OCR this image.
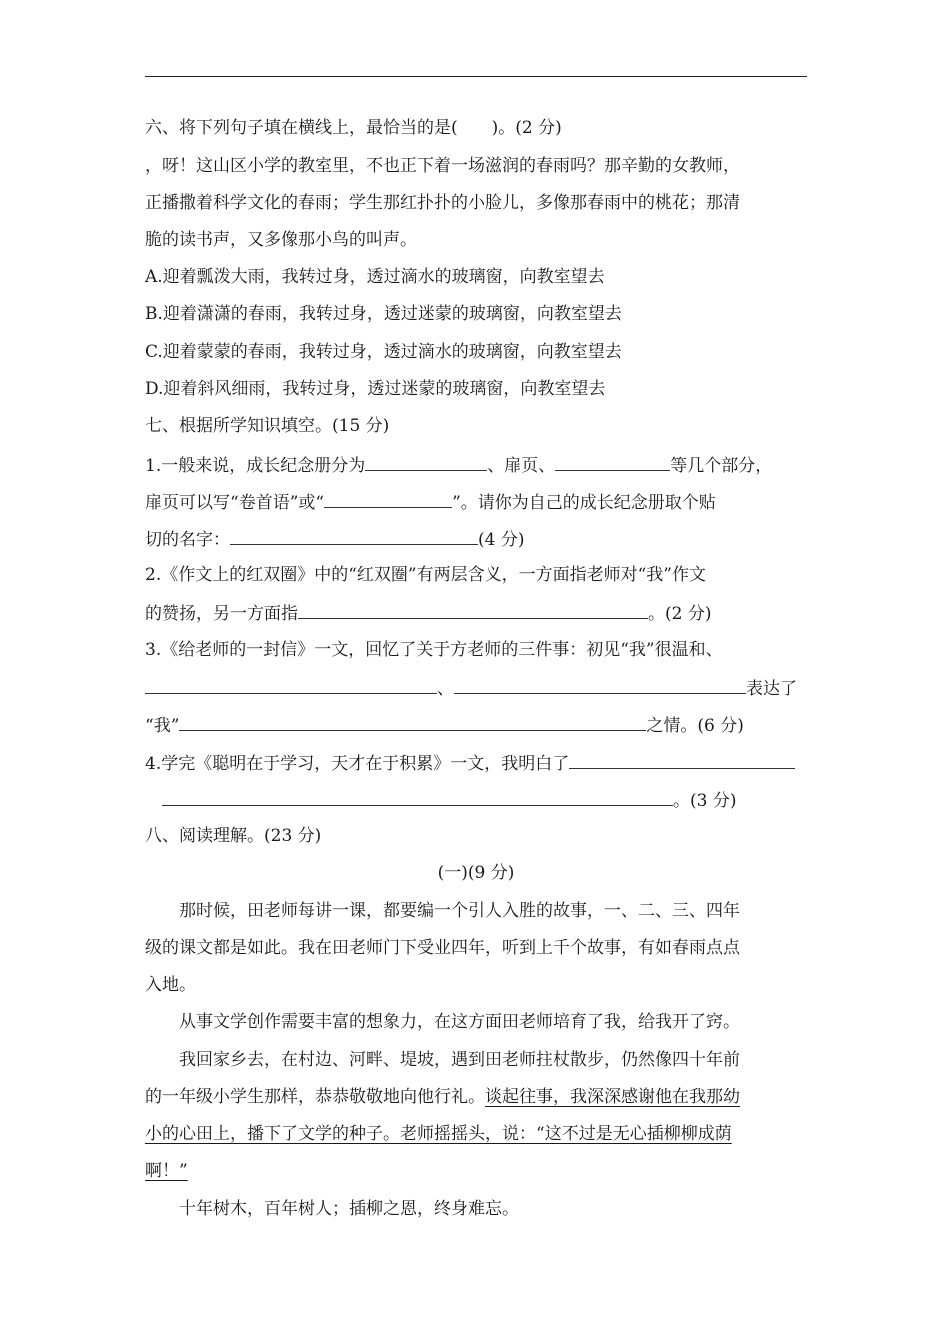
六、将下列句子填在横线上，最恰当的是(　　)。(2 分)
，呀！这山区小学的教室里，不也正下着一场滋润的春雨吗？那辛勤的女教师，
正播撒着科学文化的春雨；学生那红扑扑的小脸儿，多像那春雨中的桃花；那清
脆的读书声，又多像那小鸟的叫声。
A.迎着瓢泼大雨，我转过身，透过滴水的玻璃窗，向教室望去
B.迎着潇潇的春雨，我转过身，透过迷蒙的玻璃窗，向教室望去
C.迎着蒙蒙的春雨，我转过身，透过滴水的玻璃窗，向教室望去
D.迎着斜风细雨，我转过身，透过迷蒙的玻璃窗，向教室望去
七、根据所学知识填空。(15 分)
1.一般来说，成长纪念册分为	、扉页、	等几个部分，
扉页可以写“卷首语”或“	”。请你为自己的成长纪念册取个贴
切的名字：	(4 分)
2.《作文上的红双圈》中的“红双圈”有两层含义，一方面指老师对“我”作文
的赞扬，另一方面指	。(2 分)
3.《给老师的一封信》一文，回忆了关于方老师的三件事：初见“我”很温和、
、	表达了
“我”	之情。(6 分)
4.学完《聪明在于学习，天才在于积累》一文，我明白了
。(3 分)
八、阅读理解。(23 分)
(一)(9 分)
那时候，田老师每讲一课，都要编一个引人入胜的故事，一、二、三、四年
级的课文都是如此。我在田老师门下受业四年，听到上千个故事，有如春雨点点
入地。
从事文学创作需要丰富的想象力，在这方面田老师培育了我，给我开了窍。
我回家乡去，在村边、河畔、堤坡，遇到田老师拄杖散步，仍然像四十年前
的一年级小学生那样，恭恭敬敬地向他行礼。谈起往事，我深深感谢他在我那幼
小的心田上，播下了文学的种子。老师摇摇头，说：“这不过是无心插柳柳成荫
啊！”
十年树木，百年树人；插柳之恩，终身难忘。
